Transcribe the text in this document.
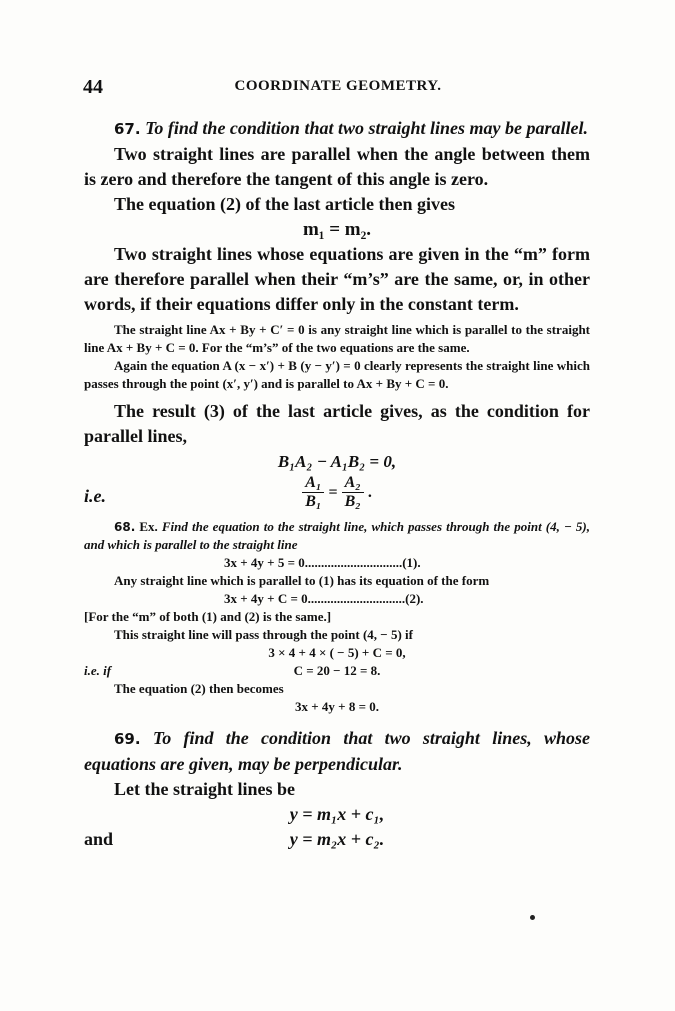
44	COORDINATE GEOMETRY.

67. To find the condition that two straight lines may be parallel.

Two straight lines are parallel when the angle between them is zero and therefore the tangent of this angle is zero.

The equation (2) of the last article then gives

m₁ = m₂.

Two straight lines whose equations are given in the “m” form are therefore parallel when their “m’s” are the same, or, in other words, if their equations differ only in the constant term.

The straight line Ax + By + C′ = 0 is any straight line which is parallel to the straight line Ax + By + C = 0. For the “m’s” of the two equations are the same.

Again the equation A (x − x′) + B (y − y′) = 0 clearly represents the straight line which passes through the point (x′, y′) and is parallel to Ax + By + C = 0.

The result (3) of the last article gives, as the condition for parallel lines,

B₁A₂ − A₁B₂ = 0,

i.e.	$\frac{\text{A₁}}{\text{B₁}} = \frac{\text{A₂}}{\text{B₂}}$ .

68. Ex. Find the equation to the straight line, which passes through the point (4, − 5), and which is parallel to the straight line

3x + 4y + 5 = 0..............................(1).

Any straight line which is parallel to (1) has its equation of the form

3x + 4y + C = 0..............................(2).

[For the “m” of both (1) and (2) is the same.]

This straight line will pass through the point (4, − 5) if

3 × 4 + 4 × ( − 5) + C = 0,

i.e. if	C = 20 − 12 = 8.

The equation (2) then becomes

3x + 4y + 8 = 0.

69. To find the condition that two straight lines, whose equations are given, may be perpendicular.

Let the straight lines be

y = m₁x + c₁,

and	y = m₂x + c₂.
